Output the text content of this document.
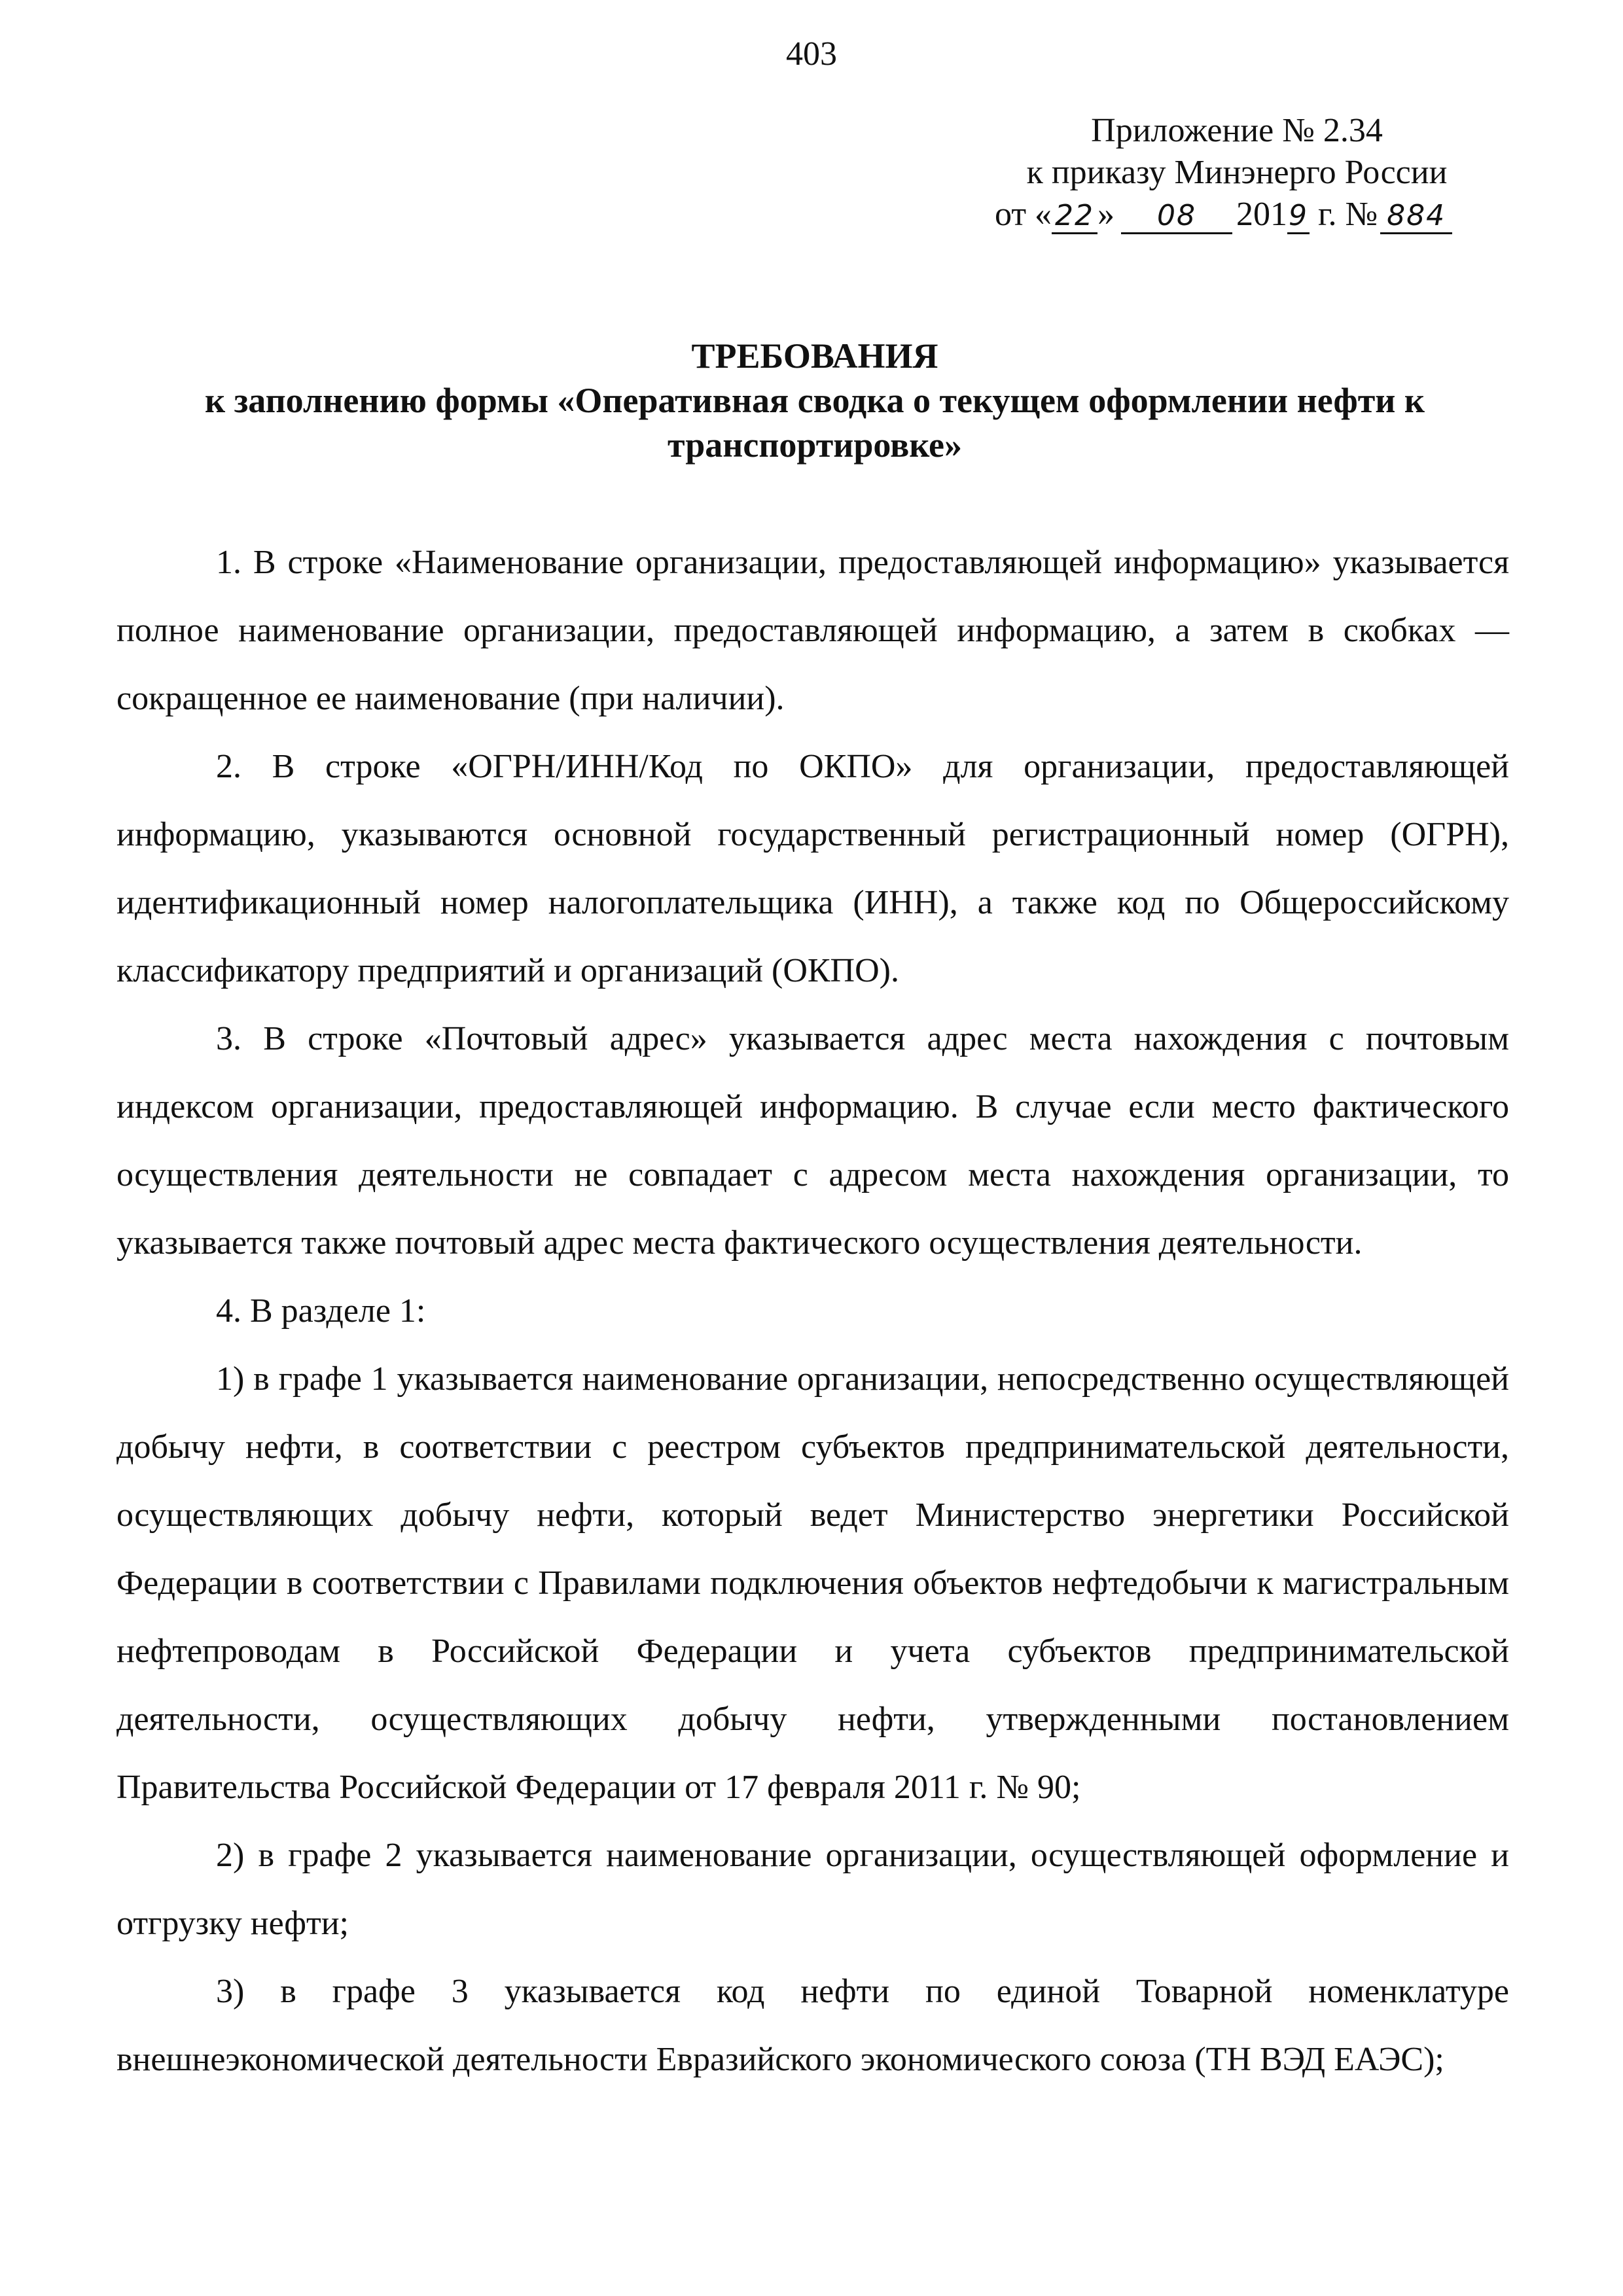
403
Приложение № 2.34
к приказу Минэнерго России
от « 22» 08 2019 г. № 884
ТРЕБОВАНИЯ
к заполнению формы «Оперативная сводка о текущем оформлении нефти к транспортировке»

1. В строке «Наименование организации, предоставляющей информацию» указывается полное наименование организации, предоставляющей информацию, а затем в скобках — сокращенное ее наименование (при наличии).

2. В строке «ОГРН/ИНН/Код по ОКПО» для организации, предоставляющей информацию, указываются основной государственный регистрационный номер (ОГРН), идентификационный номер налогоплательщика (ИНН), а также код по Общероссийскому классификатору предприятий и организаций (ОКПО).

3. В строке «Почтовый адрес» указывается адрес места нахождения с почтовым индексом организации, предоставляющей информацию. В случае если место фактического осуществления деятельности не совпадает с адресом места нахождения организации, то указывается также почтовый адрес места фактического осуществления деятельности.

4. В разделе 1:

1) в графе 1 указывается наименование организации, непосредственно осуществляющей добычу нефти, в соответствии с реестром субъектов предпринимательской деятельности, осуществляющих добычу нефти, который ведет Министерство энергетики Российской Федерации в соответствии с Правилами подключения объектов нефтедобычи к магистральным нефтепроводам в Российской Федерации и учета субъектов предпринимательской деятельности, осуществляющих добычу нефти, утвержденными постановлением Правительства Российской Федерации от 17 февраля 2011 г. № 90;

2) в графе 2 указывается наименование организации, осуществляющей оформление и отгрузку нефти;

3) в графе 3 указывается код нефти по единой Товарной номенклатуре внешнеэкономической деятельности Евразийского экономического союза (ТН ВЭД ЕАЭС);
